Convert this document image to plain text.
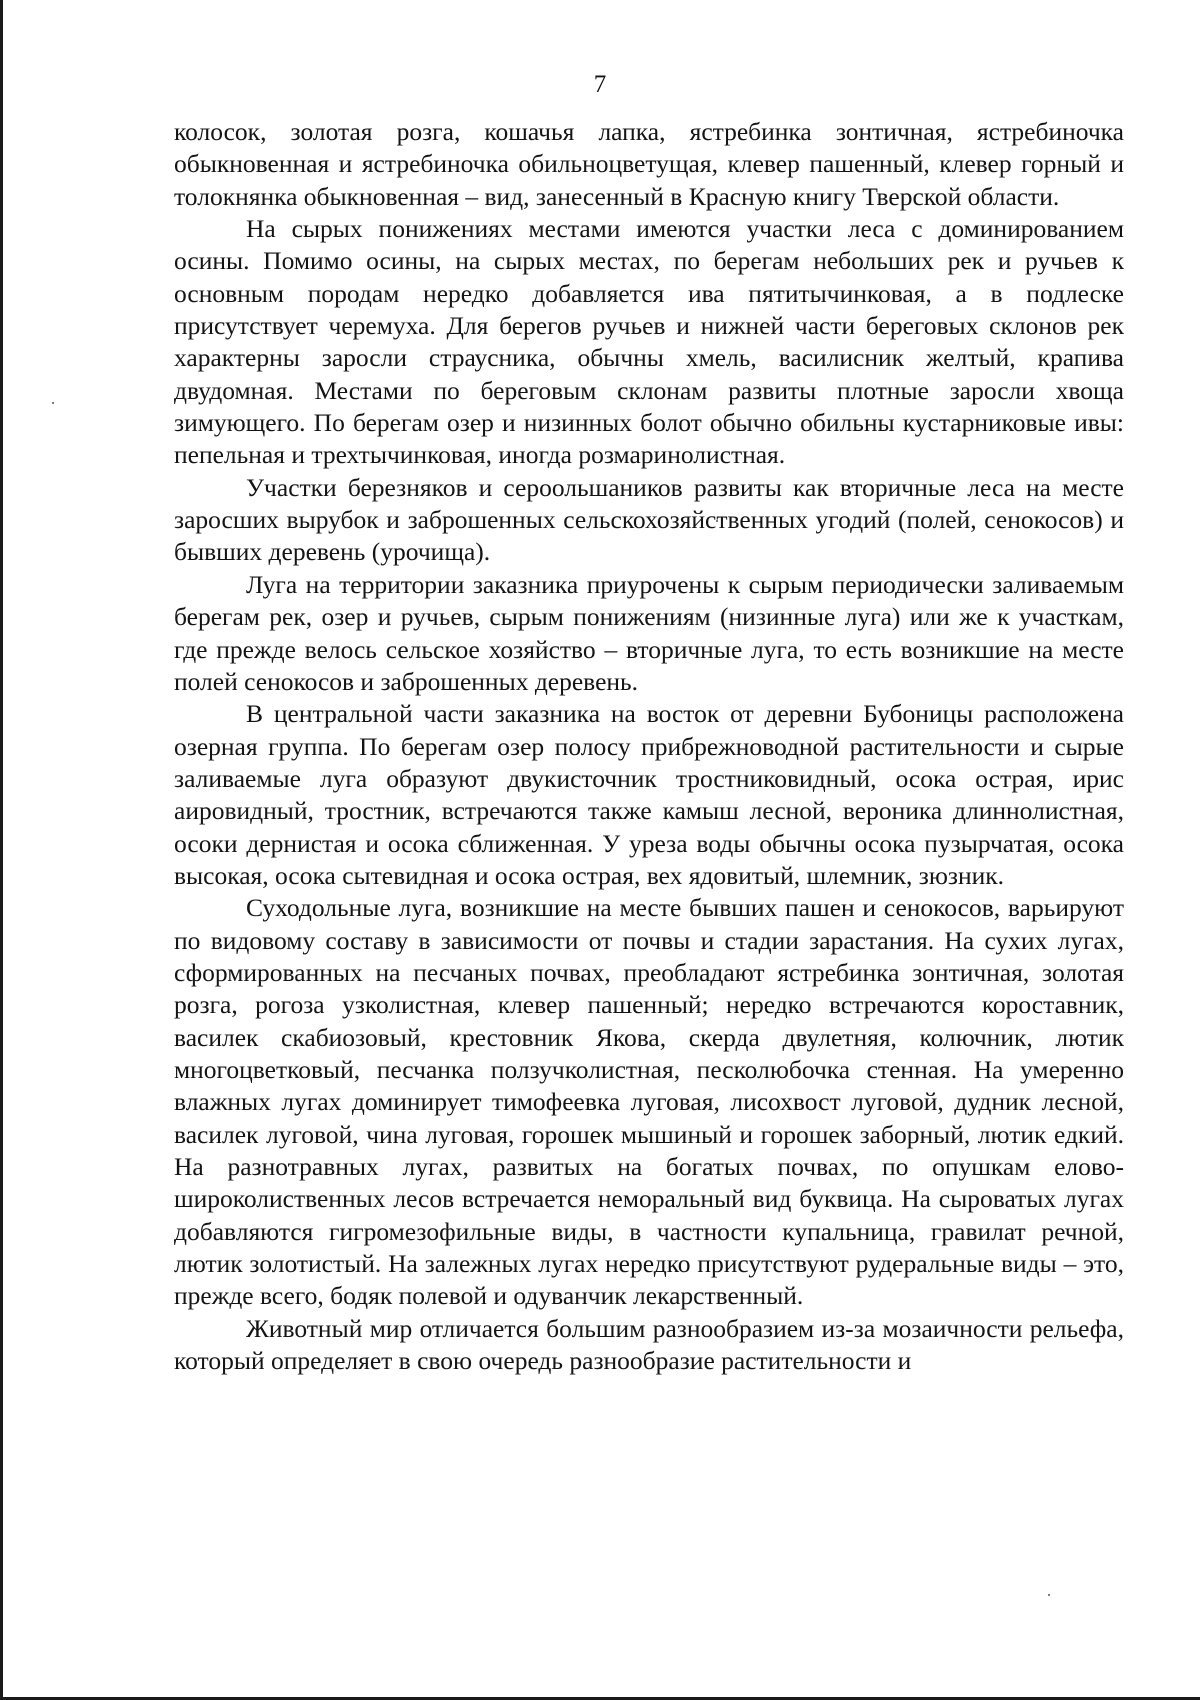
7

колосок, золотая розга, кошачья лапка, ястребинка зонтичная, ястребиночка обыкновенная и ястребиночка обильноцветущая, клевер пашенный, клевер горный и толокнянка обыкновенная – вид, занесенный в Красную книгу Тверской области.

На сырых понижениях местами имеются участки леса с доминированием осины. Помимо осины, на сырых местах, по берегам небольших рек и ручьев к основным породам нередко добавляется ива пятитычинковая, а в подлеске присутствует черемуха. Для берегов ручьев и нижней части береговых склонов рек характерны заросли страусника, обычны хмель, василисник желтый, крапива двудомная. Местами по береговым склонам развиты плотные заросли хвоща зимующего. По берегам озер и низинных болот обычно обильны кустарниковые ивы: пепельная и трехтычинковая, иногда розмаринолистная.

Участки березняков и сероольшаников развиты как вторичные леса на месте заросших вырубок и заброшенных сельскохозяйственных угодий (полей, сенокосов) и бывших деревень (урочища).

Луга на территории заказника приурочены к сырым периодически заливаемым берегам рек, озер и ручьев, сырым понижениям (низинные луга) или же к участкам, где прежде велось сельское хозяйство – вторичные луга, то есть возникшие на месте полей сенокосов и заброшенных деревень.

В центральной части заказника на восток от деревни Бубоницы расположена озерная группа. По берегам озер полосу прибрежноводной растительности и сырые заливаемые луга образуют двукисточник тростниковидный, осока острая, ирис аировидный, тростник, встречаются также камыш лесной, вероника длиннолистная, осоки дернистая и осока сближенная. У уреза воды обычны осока пузырчатая, осока высокая, осока сытевидная и осока острая, вех ядовитый, шлемник, зюзник.

Суходольные луга, возникшие на месте бывших пашен и сенокосов, варьируют по видовому составу в зависимости от почвы и стадии зарастания. На сухих лугах, сформированных на песчаных почвах, преобладают ястребинка зонтичная, золотая розга, рогоза узколистная, клевер пашенный; нередко встречаются короставник, василек скабиозовый, крестовник Якова, скерда двулетняя, колючник, лютик многоцветковый, песчанка ползучколистная, песколюбочка стенная. На умеренно влажных лугах доминирует тимофеевка луговая, лисохвост луговой, дудник лесной, василек луговой, чина луговая, горошек мышиный и горошек заборный, лютик едкий. На разнотравных лугах, развитых на богатых почвах, по опушкам елово-широколиственных лесов встречается неморальный вид буквица. На сыроватых лугах добавляются гигромезофильные виды, в частности купальница, гравилат речной, лютик золотистый. На залежных лугах нередко присутствуют рудеральные виды – это, прежде всего, бодяк полевой и одуванчик лекарственный.

Животный мир отличается большим разнообразием из-за мозаичности рельефа, который определяет в свою очередь разнообразие растительности и
